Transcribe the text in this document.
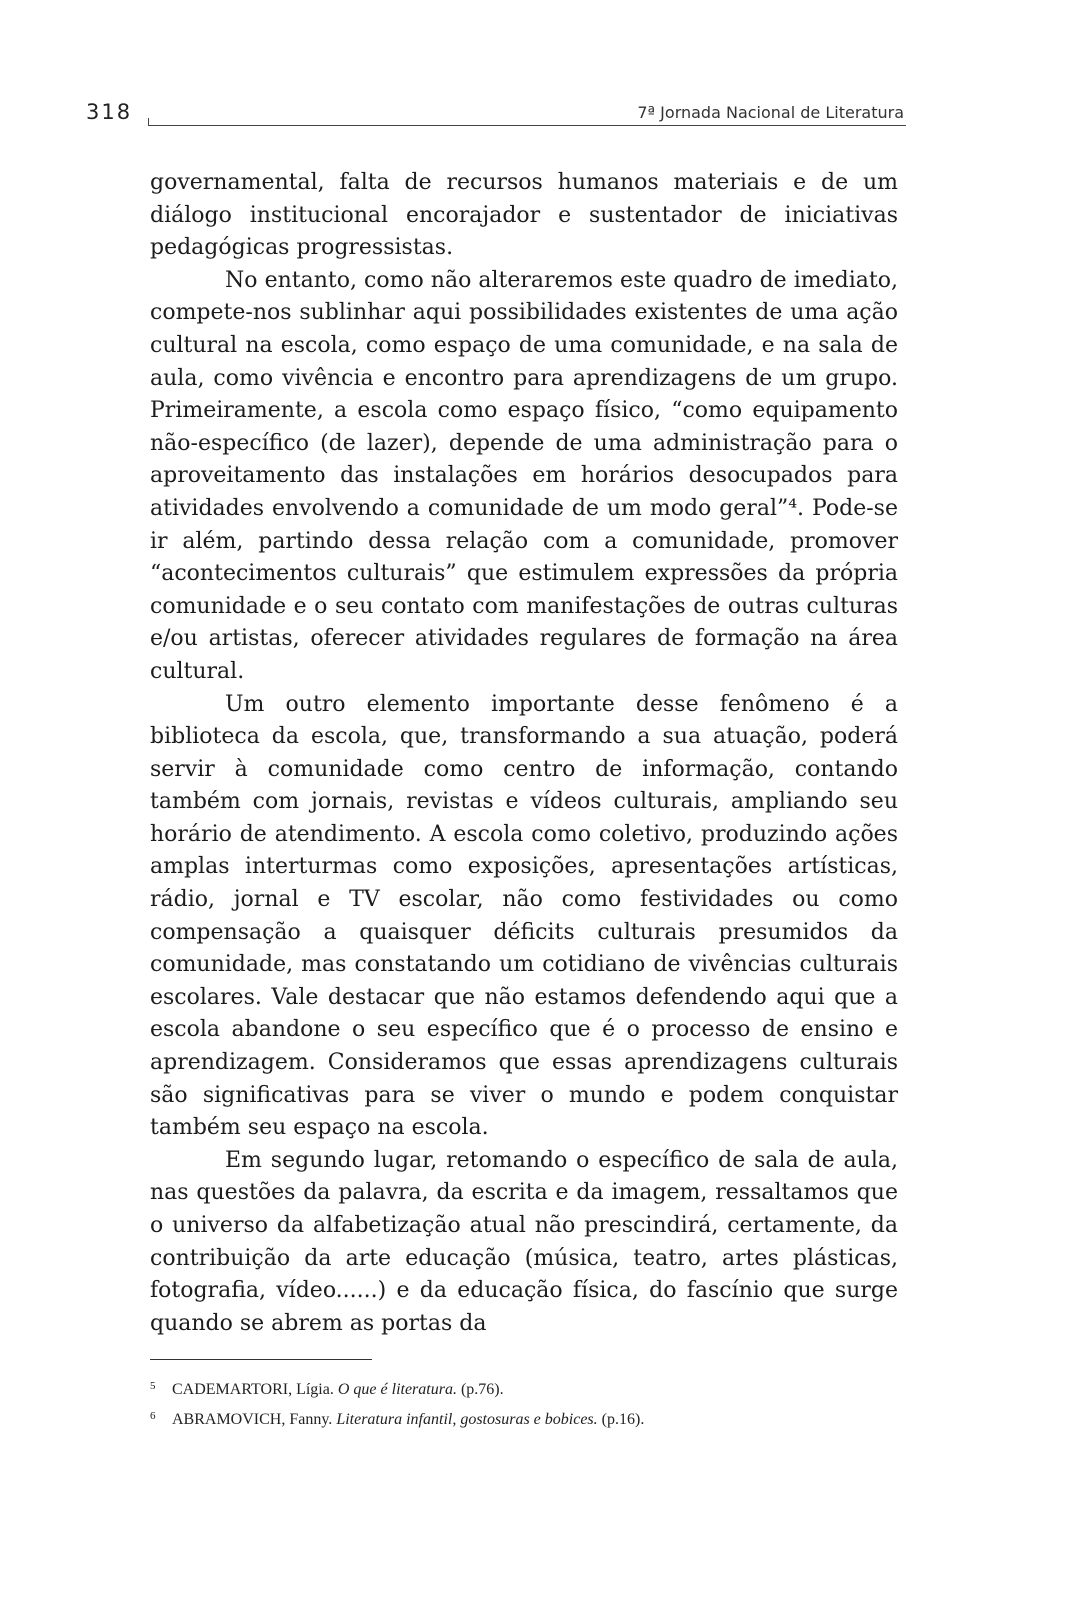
318	7ª Jornada Nacional de Literatura

governamental, falta de recursos humanos materiais e de um diálogo institucional encorajador e sustentador de iniciativas pedagógicas progressistas.

No entanto, como não alteraremos este quadro de imediato, compete-nos sublinhar aqui possibilidades existentes de uma ação cultural na escola, como espaço de uma comunidade, e na sala de aula, como vivência e encontro para aprendizagens de um grupo. Primeiramente, a escola como espaço físico, “como equipamento não-específico (de lazer), depende de uma administração para o aproveitamento das instalações em horários desocupados para atividades envolvendo a comunidade de um modo geral”⁴. Pode-se ir além, partindo dessa relação com a comunidade, promover “acontecimentos culturais” que estimulem expressões da própria comunidade e o seu contato com manifestações de outras culturas e/ou artistas, oferecer atividades regulares de formação na área cultural.

Um outro elemento importante desse fenômeno é a biblioteca da escola, que, transformando a sua atuação, poderá servir à comunidade como centro de informação, contando também com jornais, revistas e vídeos culturais, ampliando seu horário de atendimento. A escola como coletivo, produzindo ações amplas interturmas como exposições, apresentações artísticas, rádio, jornal e TV escolar, não como festividades ou como compensação a quaisquer déficits culturais presumidos da comunidade, mas constatando um cotidiano de vivências culturais escolares. Vale destacar que não estamos defendendo aqui que a escola abandone o seu específico que é o processo de ensino e aprendizagem. Consideramos que essas aprendizagens culturais são significativas para se viver o mundo e podem conquistar também seu espaço na escola.

Em segundo lugar, retomando o específico de sala de aula, nas questões da palavra, da escrita e da imagem, ressaltamos que o universo da alfabetização atual não prescindirá, certamente, da contribuição da arte educação (música, teatro, artes plásticas, fotografia, vídeo......) e da educação física, do fascínio que surge quando se abrem as portas da

5 CADEMARTORI, Lígia. O que é literatura. (p.76).
6 ABRAMOVICH, Fanny. Literatura infantil, gostosuras e bobices. (p.16).
